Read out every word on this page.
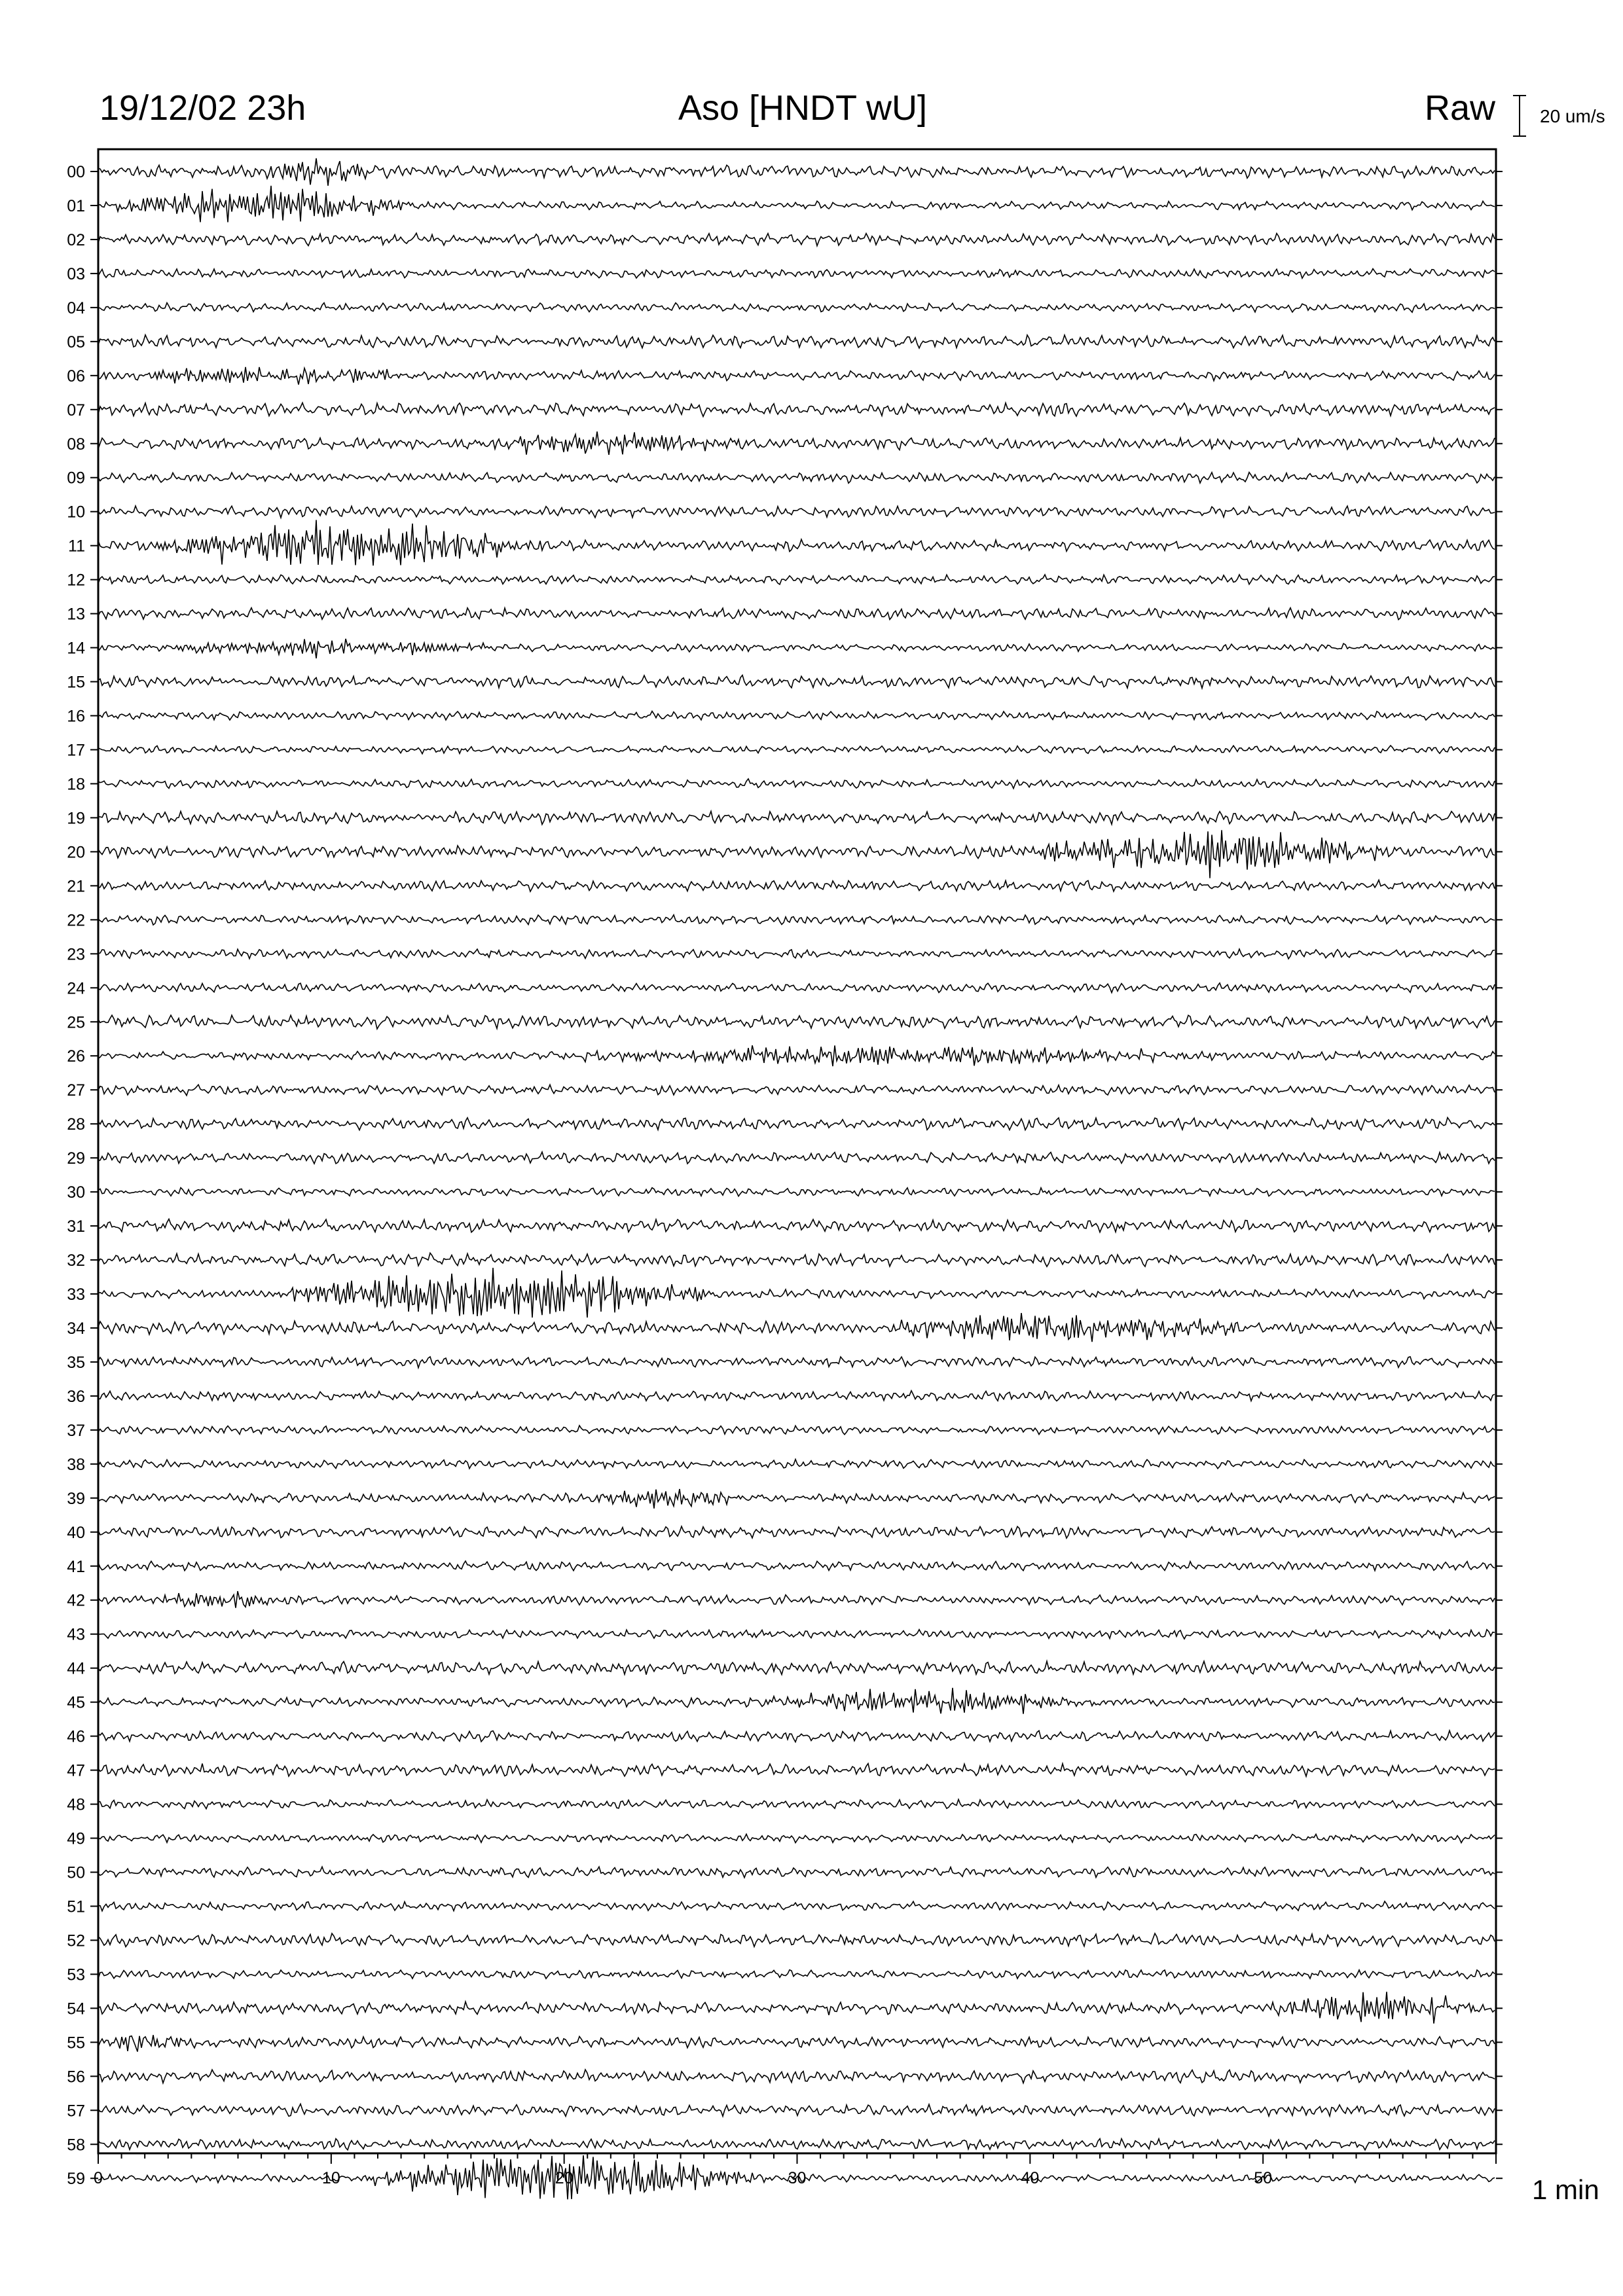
19/12/02 23h	Aso [HNDT wU]	Raw 20 um/s
1 min
00
01
02
03
04
05
06
07
08
09
10
11
12
13
14
15
16
17
18
19
20
21
22
23
24
25
26
27
28
29
30
31
32
33
34
35
36
37
38
39
40
41
42
43
44
45
46
47
48
49
50
51
52
53
54
55
56
57
58
59 0	10	20	30	40	50
